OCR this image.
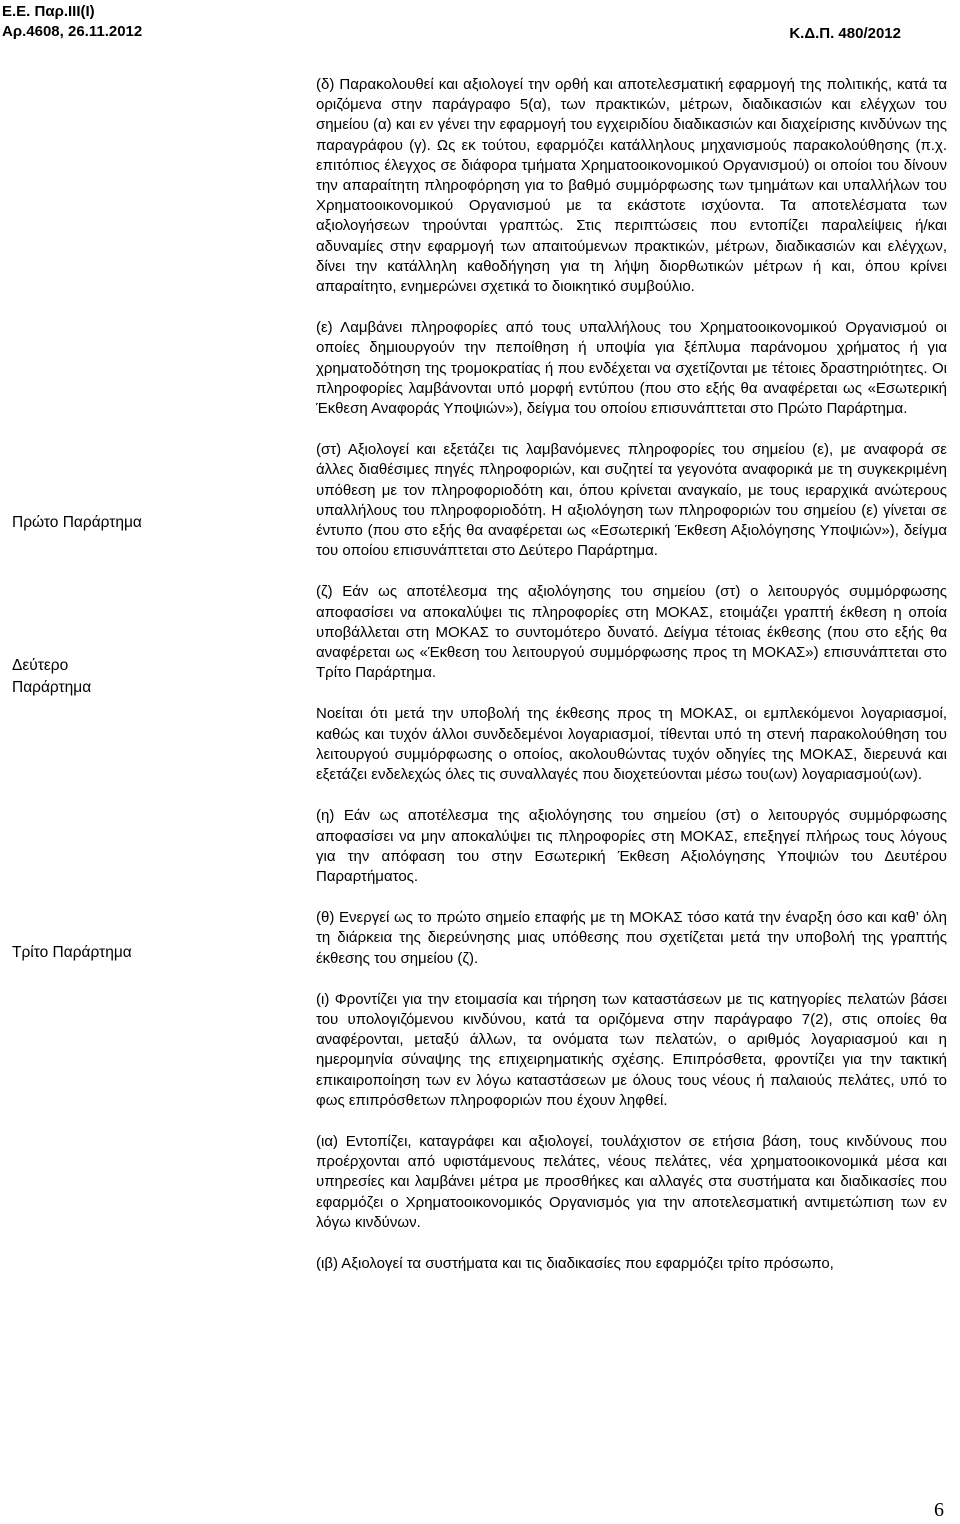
Ε.Ε. Παρ.ΙΙΙ(Ι)
Αρ.4608, 26.11.2012	Κ.Δ.Π. 480/2012
Πρώτο Παράρτημα
Δεύτερο
Παράρτημα
Τρίτο Παράρτημα

(δ) Παρακολουθεί και αξιολογεί την ορθή και αποτελεσματική εφαρμογή της πολιτικής, κατά τα οριζόμενα στην παράγραφο 5(α), των πρακτικών, μέτρων, διαδικασιών και ελέγχων του σημείου (α) και εν γένει την εφαρμογή του εγχειριδίου διαδικασιών και διαχείρισης κινδύνων της παραγράφου (γ). Ως εκ τούτου, εφαρμόζει κατάλληλους μηχανισμούς παρακολούθησης (π.χ. επιτόπιος έλεγχος σε διάφορα τμήματα Χρηματοοικονομικού Οργανισμού) οι οποίοι του δίνουν την απαραίτητη πληροφόρηση για το βαθμό συμμόρφωσης των τμημάτων και υπαλλήλων του Χρηματοοικονομικού Οργανισμού με τα εκάστοτε ισχύοντα. Τα αποτελέσματα των αξιολογήσεων τηρούνται γραπτώς. Στις περιπτώσεις που εντοπίζει παραλείψεις ή/και αδυναμίες στην εφαρμογή των απαιτούμενων πρακτικών, μέτρων, διαδικασιών και ελέγχων, δίνει την κατάλληλη καθοδήγηση για τη λήψη διορθωτικών μέτρων ή και, όπου κρίνει απαραίτητο, ενημερώνει σχετικά το διοικητικό συμβούλιο.

(ε) Λαμβάνει πληροφορίες από τους υπαλλήλους του Χρηματοοικονομικού Οργανισμού οι οποίες δημιουργούν την πεποίθηση ή υποψία για ξέπλυμα παράνομου χρήματος ή για χρηματοδότηση της τρομοκρατίας ή που ενδέχεται να σχετίζονται με τέτοιες δραστηριότητες. Οι πληροφορίες λαμβάνονται υπό μορφή εντύπου (που στο εξής θα αναφέρεται ως «Εσωτερική Έκθεση Αναφοράς Υποψιών»), δείγμα του οποίου επισυνάπτεται στο Πρώτο Παράρτημα.

(στ) Αξιολογεί και εξετάζει τις λαμβανόμενες πληροφορίες του σημείου (ε), με αναφορά σε άλλες διαθέσιμες πηγές πληροφοριών, και συζητεί τα γεγονότα αναφορικά με τη συγκεκριμένη υπόθεση με τον πληροφοριοδότη και, όπου κρίνεται αναγκαίο, με τους ιεραρχικά ανώτερους υπαλλήλους του πληροφοριοδότη. Η αξιολόγηση των πληροφοριών του σημείου (ε) γίνεται σε έντυπο (που στο εξής θα αναφέρεται ως «Εσωτερική Έκθεση Αξιολόγησης Υποψιών»), δείγμα του οποίου επισυνάπτεται στο Δεύτερο Παράρτημα.

(ζ) Εάν ως αποτέλεσμα της αξιολόγησης του σημείου (στ) ο λειτουργός συμμόρφωσης αποφασίσει να αποκαλύψει τις πληροφορίες στη ΜΟΚΑΣ, ετοιμάζει γραπτή έκθεση η οποία υποβάλλεται στη ΜΟΚΑΣ το συντομότερο δυνατό. Δείγμα τέτοιας έκθεσης (που στο εξής θα αναφέρεται ως «Έκθεση του λειτουργού συμμόρφωσης προς τη ΜΟΚΑΣ») επισυνάπτεται στο Τρίτο Παράρτημα.

Νοείται ότι μετά την υποβολή της έκθεσης προς τη ΜΟΚΑΣ, οι εμπλεκόμενοι λογαριασμοί, καθώς και τυχόν άλλοι συνδεδεμένοι λογαριασμοί, τίθενται υπό τη στενή παρακολούθηση του λειτουργού συμμόρφωσης ο οποίος, ακολουθώντας τυχόν οδηγίες της ΜΟΚΑΣ, διερευνά και εξετάζει ενδελεχώς όλες τις συναλλαγές που διοχετεύονται μέσω του(ων) λογαριασμού(ων).

(η) Εάν ως αποτέλεσμα της αξιολόγησης του σημείου (στ) ο λειτουργός συμμόρφωσης αποφασίσει να μην αποκαλύψει τις πληροφορίες στη ΜΟΚΑΣ, επεξηγεί πλήρως τους λόγους για την απόφαση του στην Εσωτερική Έκθεση Αξιολόγησης Υποψιών του Δευτέρου Παραρτήματος.

(θ) Ενεργεί ως το πρώτο σημείο επαφής με τη ΜΟΚΑΣ τόσο κατά την έναρξη όσο και καθ’ όλη τη διάρκεια της διερεύνησης μιας υπόθεσης που σχετίζεται μετά την υποβολή της γραπτής έκθεσης του σημείου (ζ).

(ι) Φροντίζει για την ετοιμασία και τήρηση των καταστάσεων με τις κατηγορίες πελατών βάσει του υπολογιζόμενου κινδύνου, κατά τα οριζόμενα στην παράγραφο 7(2), στις οποίες θα αναφέρονται, μεταξύ άλλων, τα ονόματα των πελατών, ο αριθμός λογαριασμού και η ημερομηνία σύναψης της επιχειρηματικής σχέσης. Επιπρόσθετα, φροντίζει για την τακτική επικαιροποίηση των εν λόγω καταστάσεων με όλους τους νέους ή παλαιούς πελάτες, υπό το φως επιπρόσθετων πληροφοριών που έχουν ληφθεί.

(ια) Εντοπίζει, καταγράφει και αξιολογεί, τουλάχιστον σε ετήσια βάση, τους κινδύνους που προέρχονται από υφιστάμενους πελάτες, νέους πελάτες, νέα χρηματοοικονομικά μέσα και υπηρεσίες και λαμβάνει μέτρα με προσθήκες και αλλαγές στα συστήματα και διαδικασίες που εφαρμόζει ο Χρηματοοικονομικός Οργανισμός για την αποτελεσματική αντιμετώπιση των εν λόγω κινδύνων.

(ιβ) Αξιολογεί τα συστήματα και τις διαδικασίες που εφαρμόζει τρίτο πρόσωπο,

6
